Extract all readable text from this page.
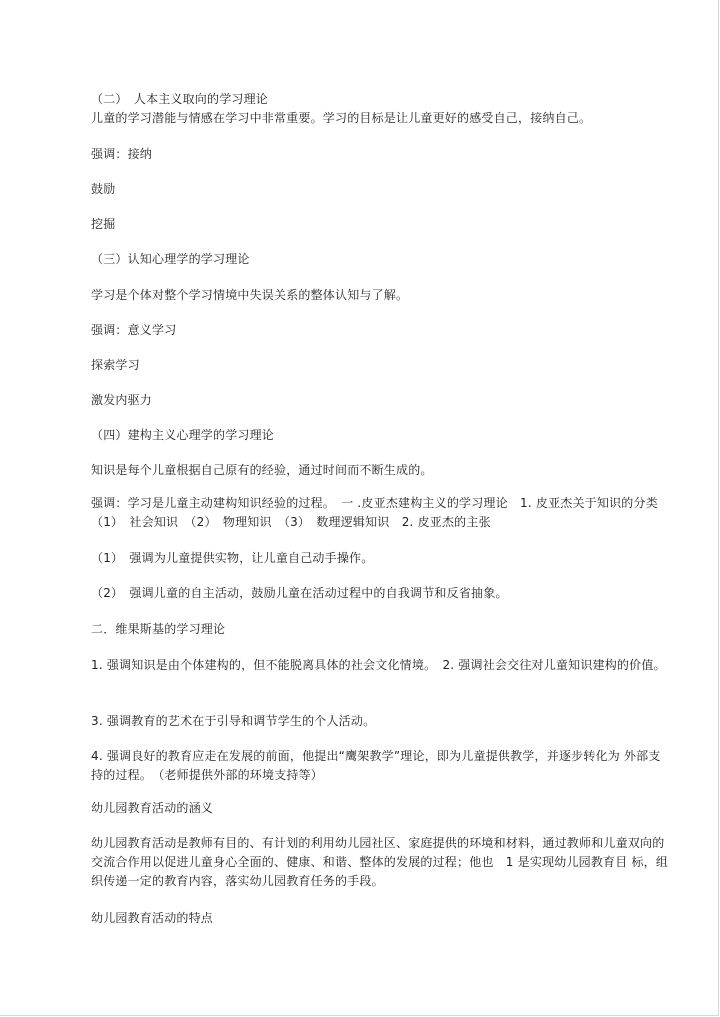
（二）　人本主义取向的学习理论
儿童的学习潜能与情感在学习中非常重要。学习的目标是让儿童更好的感受自己，接纳自己。
强调：接纳
鼓励
挖掘
（三）认知心理学的学习理论
学习是个体对整个学习情境中失误关系的整体认知与了解。
强调：意义学习
探索学习
激发内驱力
（四）建构主义心理学的学习理论
知识是每个儿童根据自己原有的经验，通过时间而不断生成的。
强调：学习是儿童主动建构知识经验的过程。　一 .皮亚杰建构主义的学习理论　1. 皮亚杰关于知识的分类　（1）　社会知识　（2）　物理知识　（3）　数理逻辑知识　2. 皮亚杰的主张
（1）　强调为儿童提供实物，让儿童自己动手操作。
（2）　强调儿童的自主活动，鼓励儿童在活动过程中的自我调节和反省抽象。
二．维果斯基的学习理论
1. 强调知识是由个体建构的，但不能脱离具体的社会文化情境。　2. 强调社会交往对儿童知识建构的价值。
3. 强调教育的艺术在于引导和调节学生的个人活动。
4. 强调良好的教育应走在发展的前面，他提出“鹰架教学”理论，即为儿童提供教学，并逐步转化为 外部支持的过程。　（老师提供外部的环境支持等）
幼儿园教育活动的涵义
幼儿园教育活动是教师有目的、有计划的利用幼儿园社区、家庭提供的环境和材料，通过教师和儿童双向的交流合作用以促进儿童身心全面的、健康、和谐、整体的发展的过程；他也　1 是实现幼儿园教育目 标，组织传递一定的教育内容，落实幼儿园教育任务的手段。
幼儿园教育活动的特点
